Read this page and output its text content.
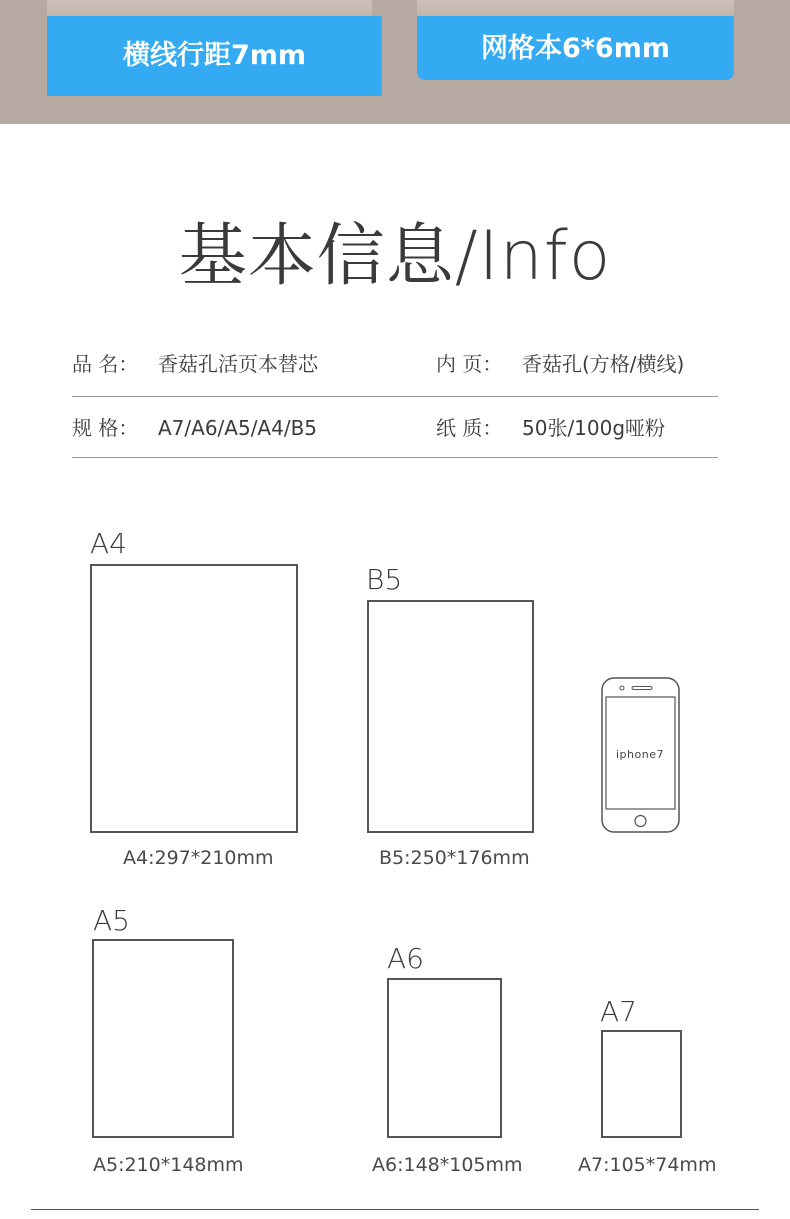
横线行距7mm	网格本6*6mm
基本信息/Info
品 名： 香菇孔活页本替芯	内 页： 香菇孔(方格/横线)
规 格： A7/A6/A5/A4/B5	纸 质： 50张/100g哑粉
A4
A4:297*210mm
B5
B5:250*176mm
iphone7
A5
A5:210*148mm
A6
A6:148*105mm
A7
A7:105*74mm
